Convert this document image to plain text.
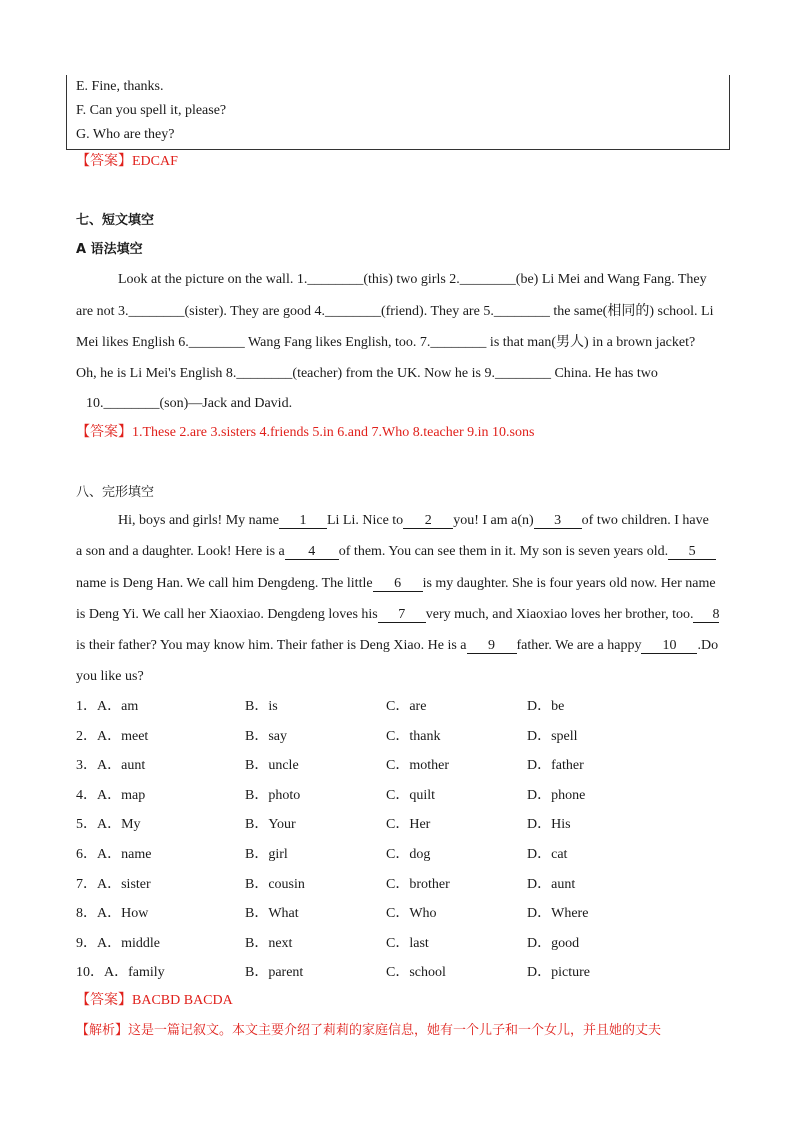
E. Fine, thanks.
F. Can you spell it, please?
G. Who are they?
【答案】EDCAF
七、短文填空
A 语法填空
Look at the picture on the wall. 1.________(this) two girls 2.________(be) Li Mei and Wang Fang. They
are not 3.________(sister). They are good 4.________(friend). They are 5.________ the same(相同的) school. Li
Mei likes English 6.________ Wang Fang likes English, too. 7.________ is that man(男人) in a brown jacket?
Oh, he is Li Mei's English 8.________(teacher) from the UK. Now he is 9.________ China. He has two
10.________(son)—Jack and David.
【答案】1.These 2.are 3.sisters 4.friends 5.in 6.and 7.Who 8.teacher 9.in 10.sons
八、完形填空
Hi, boys and girls! My name 1 Li Li. Nice to 2 you! I am a(n) 3 of two children. I have
a son and a daughter. Look! Here is a 4 of them. You can see them in it. My son is seven years old. 5
name is Deng Han. We call him Dengdeng. The little 6 is my daughter. She is four years old now. Her name
is Deng Yi. We call her Xiaoxiao. Dengdeng loves his 7 very much, and Xiaoxiao loves her brother, too. 8
is their father? You may know him. Their father is Deng Xiao. He is a 9 father. We are a happy 10 .Do
you like us?
1．A．am	B．is	C．are	D．be
2．A．meet	B．say	C．thank	D．spell
3．A．aunt	B．uncle	C．mother	D．father
4．A．map	B．photo	C．quilt	D．phone
5．A．My	B．Your	C．Her	D．His
6．A．name	B．girl	C．dog	D．cat
7．A．sister	B．cousin	C．brother	D．aunt
8．A．How	B．What	C．Who	D．Where
9．A．middle	B．next	C．last	D．good
10．A．family	B．parent	C．school	D．picture
【答案】BACBD BACDA
【解析】这是一篇记叙文。本文主要介绍了莉莉的家庭信息，她有一个儿子和一个女儿，并且她的丈夫
